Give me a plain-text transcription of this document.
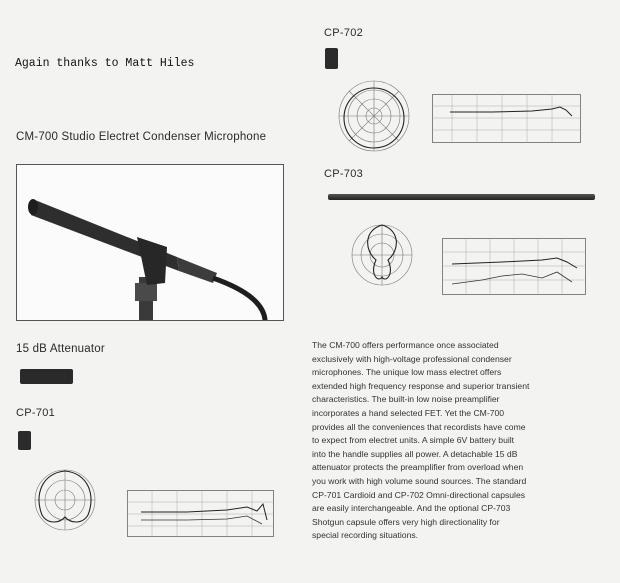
Again thanks to Matt Hiles
CP-702
CP-703
CM-700 Studio Electret Condenser Microphone
15 dB Attenuator
CP-701
The CM-700 offers performance once associated
exclusively with high-voltage professional condenser
microphones. The unique low mass electret offers
extended high frequency response and superior transient
characteristics. The built-in low noise preamplifier
incorporates a hand selected FET. Yet the CM-700
provides all the conveniences that recordists have come
to expect from electret units. A simple 6V battery built
into the handle supplies all power. A detachable 15 dB
attenuator protects the preamplifier from overload when
you work with high volume sound sources. The standard
CP-701 Cardioid and CP-702 Omni-directional capsules
are easily interchangeable. And the optional CP-703
Shotgun capsule offers very high directionality for
special recording situations.
